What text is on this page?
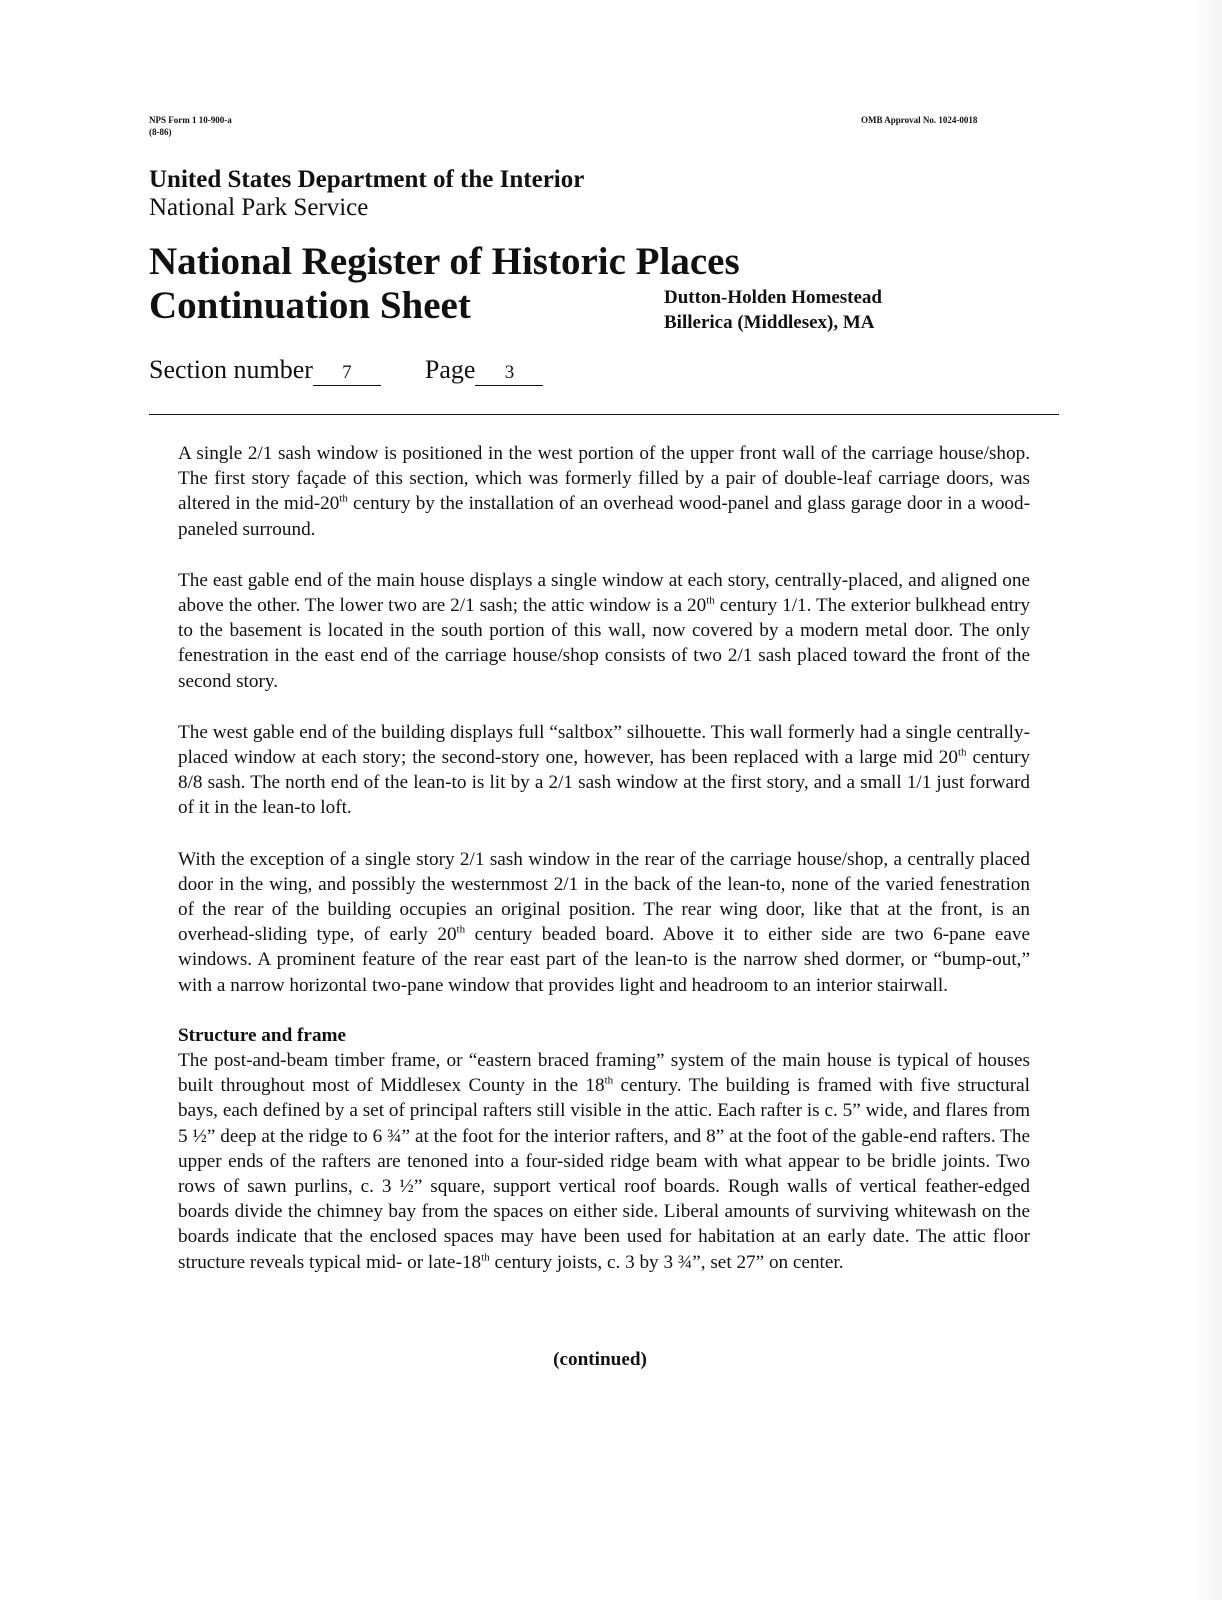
NPS Form 1 10-900-a
(8-86)
OMB Approval No. 1024-0018
United States Department of the Interior
National Park Service
National Register of Historic Places
Continuation Sheet	Dutton-Holden Homestead
Billerica (Middlesex), MA
Section number 7	Page 3

A single 2/1 sash window is positioned in the west portion of the upper front wall of the carriage house/shop. The first story façade of this section, which was formerly filled by a pair of double-leaf carriage doors, was altered in the mid-20th century by the installation of an overhead wood-panel and glass garage door in a wood-paneled surround.

The east gable end of the main house displays a single window at each story, centrally-placed, and aligned one above the other. The lower two are 2/1 sash; the attic window is a 20th century 1/1. The exterior bulkhead entry to the basement is located in the south portion of this wall, now covered by a modern metal door. The only fenestration in the east end of the carriage house/shop consists of two 2/1 sash placed toward the front of the second story.

The west gable end of the building displays full “saltbox” silhouette. This wall formerly had a single centrally-placed window at each story; the second-story one, however, has been replaced with a large mid 20th century 8/8 sash. The north end of the lean-to is lit by a 2/1 sash window at the first story, and a small 1/1 just forward of it in the lean-to loft.

With the exception of a single story 2/1 sash window in the rear of the carriage house/shop, a centrally placed door in the wing, and possibly the westernmost 2/1 in the back of the lean-to, none of the varied fenestration of the rear of the building occupies an original position. The rear wing door, like that at the front, is an overhead-sliding type, of early 20th century beaded board. Above it to either side are two 6-pane eave windows. A prominent feature of the rear east part of the lean-to is the narrow shed dormer, or “bump-out,” with a narrow horizontal two-pane window that provides light and headroom to an interior stairwall.

Structure and frame

The post-and-beam timber frame, or “eastern braced framing” system of the main house is typical of houses built throughout most of Middlesex County in the 18th century. The building is framed with five structural bays, each defined by a set of principal rafters still visible in the attic. Each rafter is c. 5” wide, and flares from 5 ½” deep at the ridge to 6 ¾” at the foot for the interior rafters, and 8” at the foot of the gable-end rafters. The upper ends of the rafters are tenoned into a four-sided ridge beam with what appear to be bridle joints. Two rows of sawn purlins, c. 3 ½” square, support vertical roof boards. Rough walls of vertical feather-edged boards divide the chimney bay from the spaces on either side. Liberal amounts of surviving whitewash on the boards indicate that the enclosed spaces may have been used for habitation at an early date. The attic floor structure reveals typical mid- or late-18th century joists, c. 3 by 3 ¾”, set 27” on center.

(continued)
